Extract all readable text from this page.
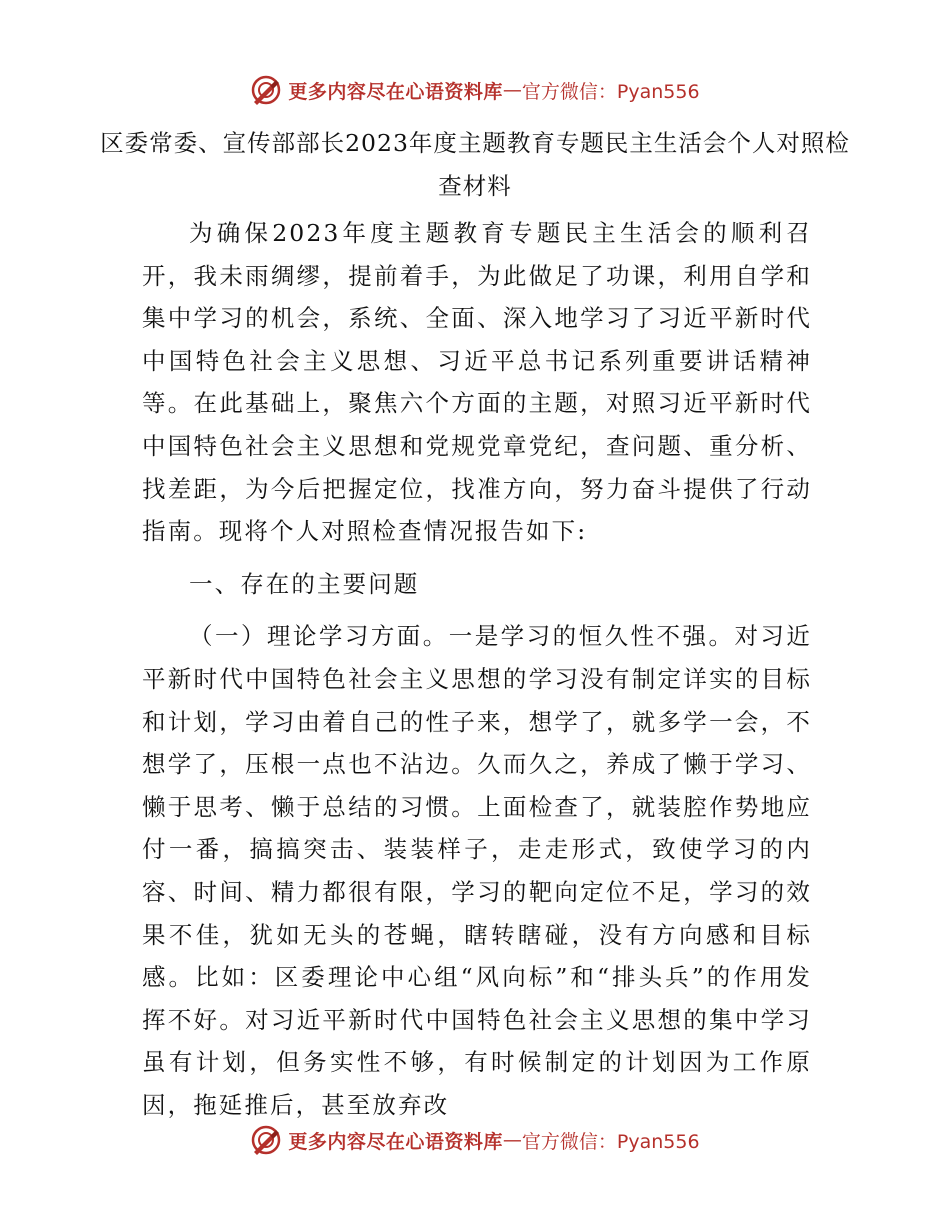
更多内容尽在心语资料库 — 官方微信：Pyan556
区委常委、宣传部部长2023年度主题教育专题民主生活会个人对照检查材料

为确保2023年度主题教育专题民主生活会的顺利召开，我未雨绸缪，提前着手，为此做足了功课，利用自学和集中学习的机会，系统、全面、深入地学习了习近平新时代中国特色社会主义思想、习近平总书记系列重要讲话精神等。在此基础上，聚焦六个方面的主题，对照习近平新时代中国特色社会主义思想和党规党章党纪，查问题、重分析、找差距，为今后把握定位，找准方向，努力奋斗提供了行动指南。现将个人对照检查情况报告如下:

一、存在的主要问题

（一）理论学习方面。一是学习的恒久性不强。对习近平新时代中国特色社会主义思想的学习没有制定详实的目标和计划，学习由着自己的性子来，想学了，就多学一会，不想学了，压根一点也不沾边。久而久之，养成了懒于学习、懒于思考、懒于总结的习惯。上面检查了，就装腔作势地应付一番，搞搞突击、装装样子，走走形式，致使学习的内容、时间、精力都很有限，学习的靶向定位不足，学习的效果不佳，犹如无头的苍蝇，瞎转瞎碰，没有方向感和目标感。比如：区委理论中心组“风向标”和“排头兵”的作用发挥不好。对习近平新时代中国特色社会主义思想的集中学习虽有计划，但务实性不够，有时候制定的计划因为工作原因，拖延推后，甚至放弃改

更多内容尽在心语资料库 — 官方微信：Pyan556
